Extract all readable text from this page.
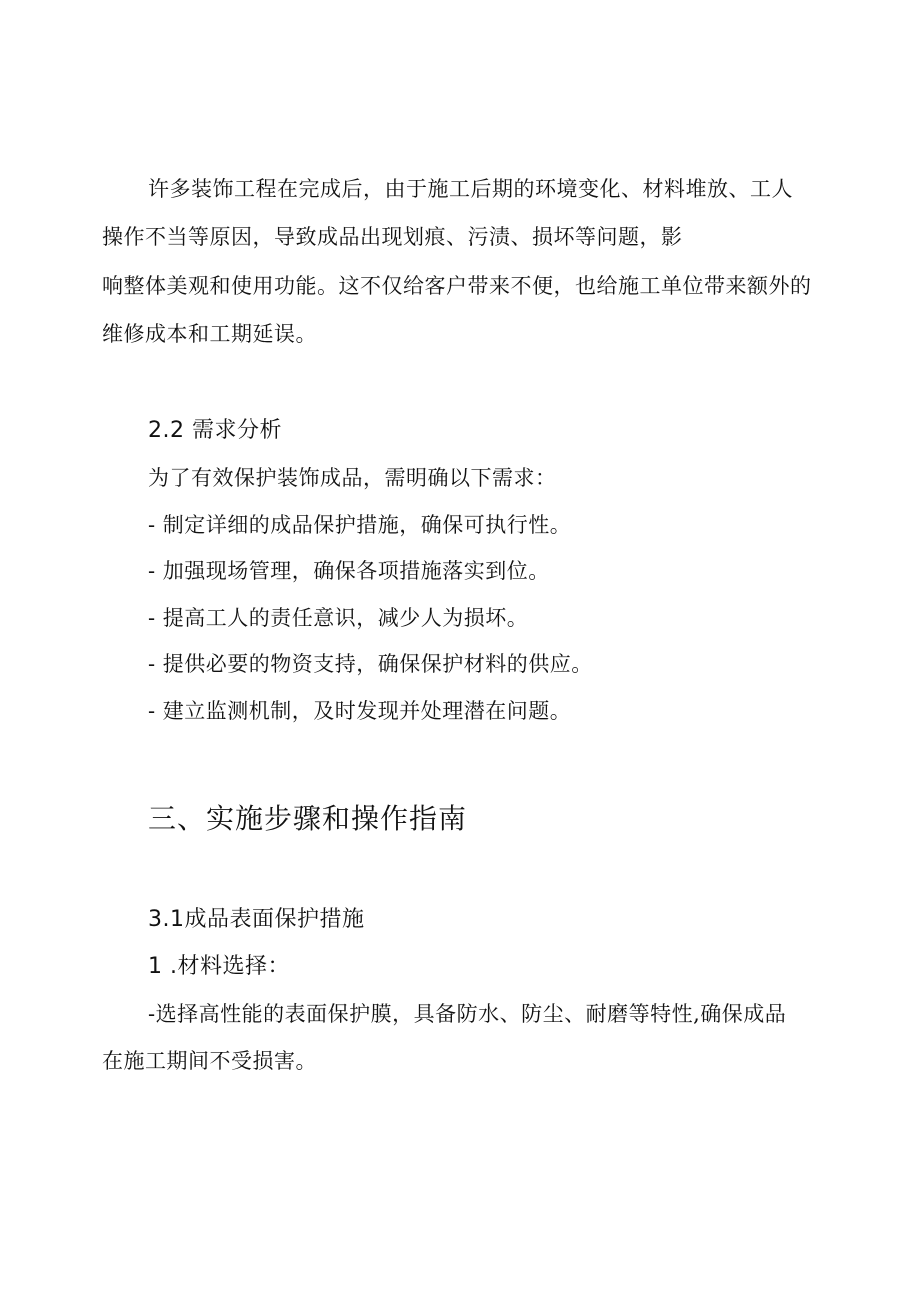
许多装饰工程在完成后，由于施工后期的环境变化、材料堆放、工人
操作不当等原因，导致成品出现划痕、污渍、损坏等问题，影
响整体美观和使用功能。这不仅给客户带来不便，也给施工单位带来额外的
维修成本和工期延误。
2.2 需求分析
为了有效保护装饰成品，需明确以下需求：
- 制定详细的成品保护措施，确保可执行性。
- 加强现场管理，确保各项措施落实到位。
- 提高工人的责任意识，减少人为损坏。
- 提供必要的物资支持，确保保护材料的供应。
- 建立监测机制，及时发现并处理潜在问题。
三、实施步骤和操作指南
3.1成品表面保护措施
1 .材料选择：
-选择高性能的表面保护膜，具备防水、防尘、耐磨等特性,确保成品
在施工期间不受损害。
